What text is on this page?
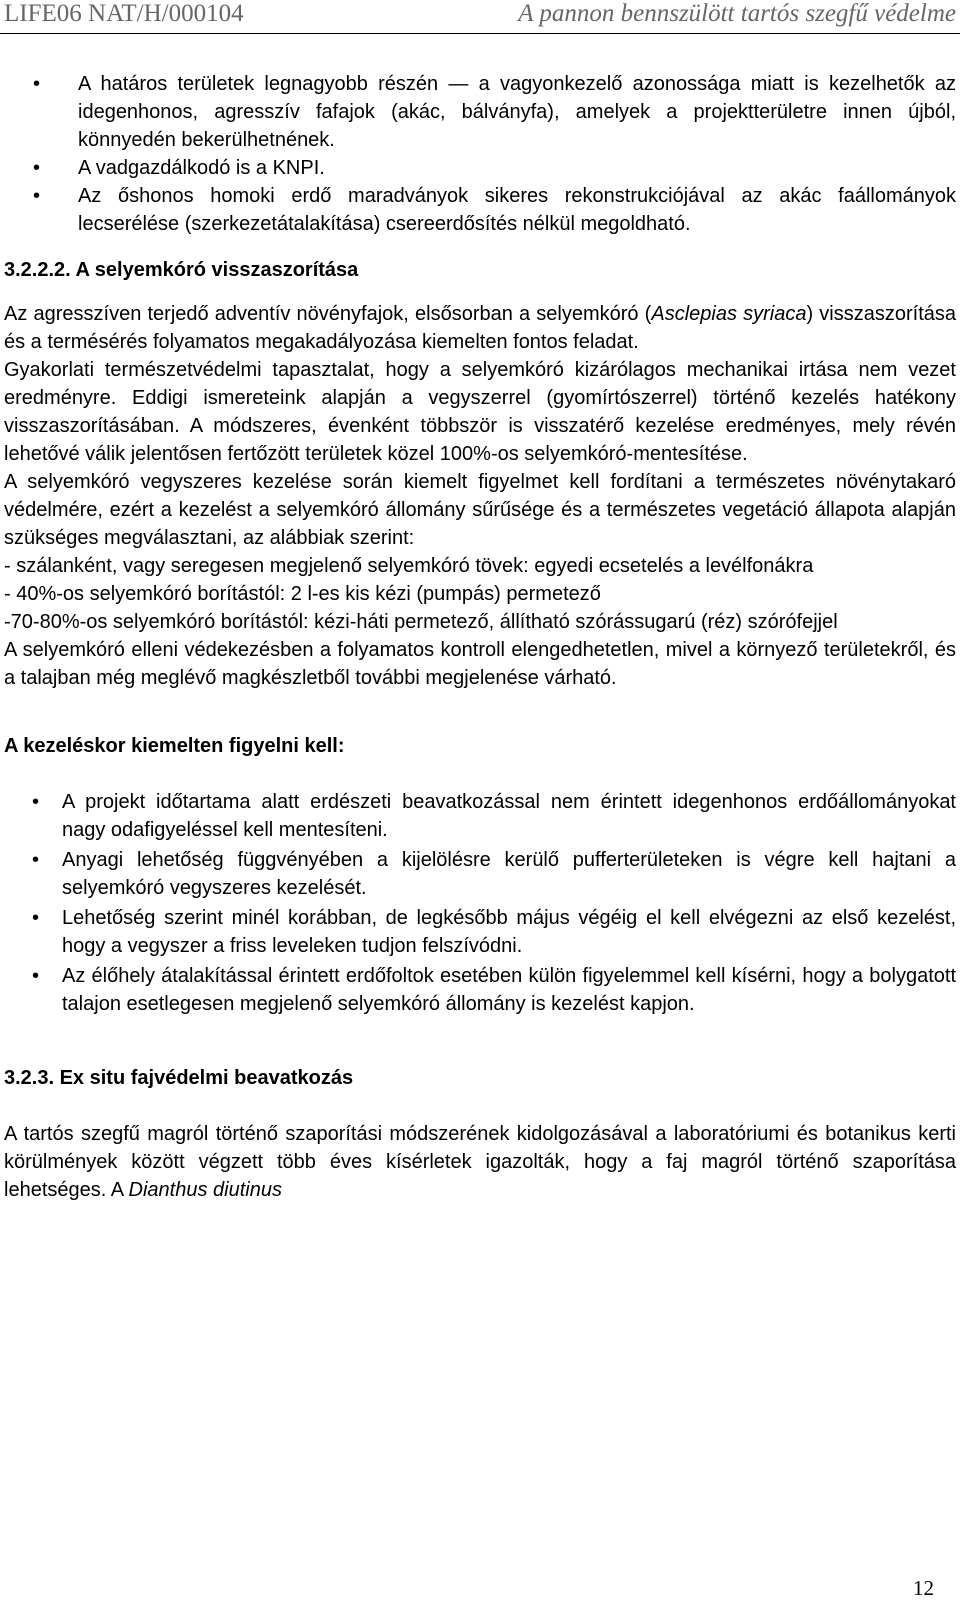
LIFE06 NAT/H/000104	A pannon bennszülött tartós szegfű védelme
•
A határos területek legnagyobb részén — a vagyonkezelő azonossága miatt is kezelhetők az idegenhonos, agresszív fafajok (akác, bálványfa), amelyek a projektterületre innen újból, könnyedén bekerülhetnének.
•
A vadgazdálkodó is a KNPI.
•
Az őshonos homoki erdő maradványok sikeres rekonstrukciójával az akác faállományok lecserélése (szerkezetátalakítása) csereerdősítés nélkül megoldható.

3.2.2.2. A selyemkóró visszaszorítása

Az agresszíven terjedő adventív növényfajok, elsősorban a selyemkóró (Asclepias syriaca) visszaszorítása és a termésérés folyamatos megakadályozása kiemelten fontos feladat.

Gyakorlati természetvédelmi tapasztalat, hogy a selyemkóró kizárólagos mechanikai irtása nem vezet eredményre. Eddigi ismereteink alapján a vegyszerrel (gyomírtószerrel) történő kezelés hatékony visszaszorításában. A módszeres, évenként többször is visszatérő kezelése eredményes, mely révén lehetővé válik jelentősen fertőzött területek közel 100%-os selyemkóró-mentesítése.

A selyemkóró vegyszeres kezelése során kiemelt figyelmet kell fordítani a természetes növénytakaró védelmére, ezért a kezelést a selyemkóró állomány sűrűsége és a természetes vegetáció állapota alapján szükséges megválasztani, az alábbiak szerint:

- szálanként, vagy seregesen megjelenő selyemkóró tövek: egyedi ecsetelés a levélfonákra

- 40%-os selyemkóró borítástól: 2 l-es kis kézi (pumpás) permetező

-70-80%-os selyemkóró borítástól: kézi-háti permetező, állítható szórássugarú (réz) szórófejjel

A selyemkóró elleni védekezésben a folyamatos kontroll elengedhetetlen, mivel a környező területekről, és a talajban még meglévő magkészletből további megjelenése várható.

A kezeléskor kiemelten figyelni kell:

•
A projekt időtartama alatt erdészeti beavatkozással nem érintett idegenhonos erdőállományokat nagy odafigyeléssel kell mentesíteni.
•
Anyagi lehetőség függvényében a kijelölésre kerülő pufferterületeken is végre kell hajtani a selyemkóró vegyszeres kezelését.
•
Lehetőség szerint minél korábban, de legkésőbb május végéig el kell elvégezni az első kezelést, hogy a vegyszer a friss leveleken tudjon felszívódni.
•
Az élőhely átalakítással érintett erdőfoltok esetében külön figyelemmel kell kísérni, hogy a bolygatott talajon esetlegesen megjelenő selyemkóró állomány is kezelést kapjon.

3.2.3. Ex situ fajvédelmi beavatkozás

A tartós szegfű magról történő szaporítási módszerének kidolgozásával a laboratóriumi és botanikus kerti körülmények között végzett több éves kísérletek igazolták, hogy a faj magról történő szaporítása lehetséges. A Dianthus diutinus

12
